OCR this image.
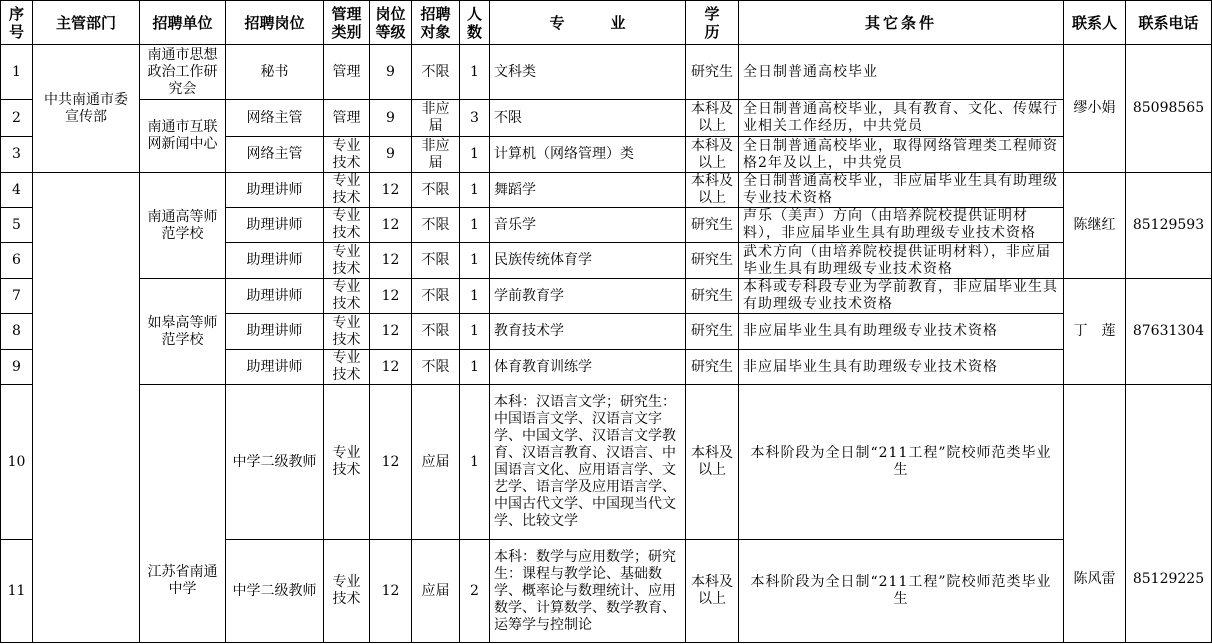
序号	主管部门	招聘单位	招聘岗位	管理类别	岗位等级	招聘对象	人数	专业	学历	其它条件	联系人	联系电话
1	中共南通市委宣传部	南通市思想政治工作研究会	秘书	管理	9	不限	1	文科类	研究生	全日制普通高校毕业	缪小娟	85098565
2		南通市互联网新闻中心	网络主管	管理	9	非应届	3	不限	本科及以上	全日制普通高校毕业，具有教育、文化、传媒行业相关工作经历，中共党员		
3			网络主管	专业技术	9	非应届	1	计算机（网络管理）类	本科及以上	全日制普通高校毕业，取得网络管理类工程师资格2年及以上，中共党员		
4		南通高等师范学校	助理讲师	专业技术	12	不限	1	舞蹈学	本科及以上	全日制普通高校毕业，非应届毕业生具有助理级专业技术资格	陈继红	85129593
5			助理讲师	专业技术	12	不限	1	音乐学	研究生	声乐（美声）方向（由培养院校提供证明材料），非应届毕业生具有助理级专业技术资格		
6			助理讲师	专业技术	12	不限	1	民族传统体育学	研究生	武术方向（由培养院校提供证明材料），非应届毕业生具有助理级专业技术资格		
7		如皋高等师范学校	助理讲师	专业技术	12	不限	1	学前教育学	研究生	本科或专科段专业为学前教育，非应届毕业生具有助理级专业技术资格	丁　莲	87631304
8			助理讲师	专业技术	12	不限	1	教育技术学	研究生	非应届毕业生具有助理级专业技术资格		
9			助理讲师	专业技术	12	不限	1	体育教育训练学	研究生	非应届毕业生具有助理级专业技术资格		
10		江苏省南通中学	中学二级教师	专业技术	12	应届	1	本科：汉语言文学；研究生：中国语言文学、汉语言文字学、中国文学、汉语言文学教育、汉语言教育、汉语言、中国语言文化、应用语言学、文艺学、语言学及应用语言学、中国古代文学、中国现当代文学、比较文学	本科及以上	本科阶段为全日制“211工程”院校师范类毕业生	陈风雷	85129225
11			中学二级教师	专业技术	12	应届	2	本科：数学与应用数学；研究生：课程与教学论、基础数学、概率论与数理统计、应用数学、计算数学、数学教育、运筹学与控制论	本科及以上	本科阶段为全日制“211工程”院校师范类毕业生		
